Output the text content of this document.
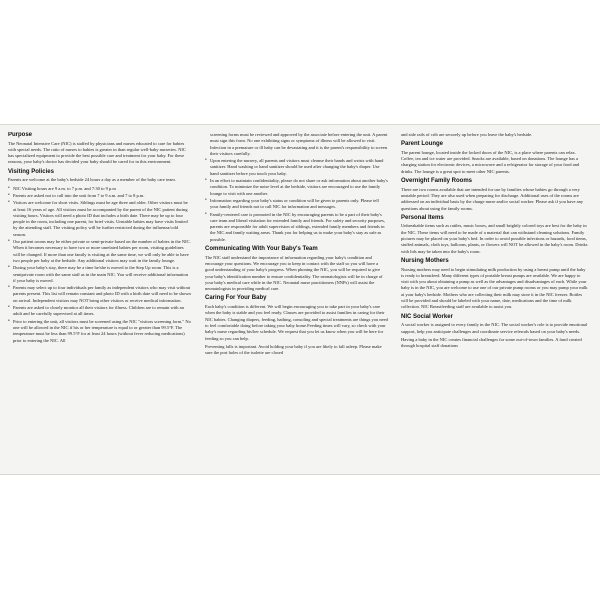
Purpose

The Neonatal Intensive Care (NIC) is staffed by physicians and nurses educated to care for babies with special needs. The ratio of nurses to babies is greater in than regular well-baby nurseries. NIC has specialized equipment to provide the best possible care and treatment for your baby. For these reasons, your baby's doctor has decided your baby should be cared for in this environment.

Visiting Policies

Parents are welcome at the baby's bedside 24 hours a day as a member of the baby care team.

• NIC Visiting hours are 9 a.m. to 7 p.m. and 7:30 to 9 p.m
• Parents are asked not to call into the unit from 7 to 9 a.m. and 7 to 8 p.m.
• Visitors are welcome for short visits. Siblings must be age three and older. Other visitors must be at least 16 years of age. All visitors must be accompanied by the parent of the NIC patient during visiting hours. Visitors will need a photo ID that includes a birth date. There may be up to four people in the room, including one parent, for brief visits. Unstable babies may have visits limited by the attending staff. The visiting policy will be further restricted during the influenza/cold season.
• Our patient rooms may be either private or semi-private based on the number of babies in the NIC. When it becomes necessary to have two or more unrelated babies per room, visiting guidelines will be changed. If more than one family is visiting at the same time, we will only be able to have two people per baby at the bedside. Any additional visitors may wait in the family lounge.
• During your baby's stay, there may be a time he/she is moved to the Step Up room. This is a semiprivate room with the same staff as in the main NIC. You will receive additional information if your baby is moved.
• Parents may select up to four individuals per family as independent visitors who may visit without parents present. This list will remain constant and photo ID with a birth date will need to be shown on arrival. Independent visitors may NOT bring other visitors or receive medical information.
• Parents are asked to closely monitor all their visitors for illness. Children are to remain with an adult and be carefully supervised at all times.
• Prior to entering the unit, all visitors must be screened using the NIC "visitors screening form." No one will be allowed in the NIC if his or her temperature is equal to or greater than 99.5°F. The temperature must be less than 99.5°F for at least 24 hours (without fever reducing medications) prior to entering the NIC. All
screening forms must be reviewed and approved by the associate before entering the unit. A parent must sign this form. No one exhibiting signs or symptoms of illness will be allowed to visit. Infection in a premature or ill baby can be devastating and it is the parent's responsibility to screen their visitors carefully.
• Upon entering the nursery, all parents and visitors must cleanse their hands and wrists with hand sanitizer. Hand washing or hand sanitizer should be used after changing the baby's diaper. Use hand sanitizer before you touch your baby.
• In an effort to maintain confidentiality, please do not share or ask information about another baby's condition. To minimize the noise level at the bedside, visitors are encouraged to use the family lounge to visit with one another.
• Information regarding your baby's status or condition will be given to parents only. Please tell your family and friends not to call NIC for information and messages.
• Family-centered care is promoted in the NIC by encouraging parents to be a part of their baby's care team and liberal visitation for extended family and friends. For safety and security purposes, parents are responsible for adult supervision of siblings, extended family members and friends in the NIC and family waiting areas. Thank you for helping us to make your baby's stay as safe as possible.
Communicating With Your Baby's Team

The NIC staff understand the importance of information regarding your baby's condition and encourage your questions. We encourage you to keep in contact with the staff so you will have a good understanding of your baby's progress. When phoning the NIC, you will be required to give your baby's identification number to ensure confidentiality. The neonatologists will be in charge of your baby's medical care while in the NIC. Neonatal nurse practitioners (NNPs) will assist the neonatologists in providing medical care.

Caring For Your Baby

Each baby's condition is different. We will begin encouraging you to take part in your baby's care when the baby is stable and you feel ready. Classes are provided to assist families in caring for their NIC babies. Changing diapers, feeding, bathing, consoling and special treatments are things you need to feel comfortable doing before taking your baby home.Feeding times will vary, so check with your baby's nurse regarding his/her schedule. We request that you let us know when you will be here for feeding so you can help.

Preventing falls is important. Avoid holding your baby if you are likely to fall asleep. Please make sure the port holes of the isolette are closed

and side rails of crib are securely up before you leave the baby's bedside.

Parent Lounge

The parent lounge, located inside the locked doors of the NIC, is a place where parents can relax. Coffee, tea and ice water are provided. Snacks are available, based on donations. The lounge has a charging station for electronic devices, a microwave and a refrigerator for storage of your food and drinks. The lounge is a great spot to meet other NIC parents.

Overnight Family Rooms

There are two rooms available that are intended for use by families whose babies go through a very unstable period. They are also used when preparing for discharge. Additional uses of the rooms are addressed on an individual basis by the charge nurse and/or social worker. Please ask if you have any questions about using the family rooms.

Personal Items

Unbreakable items such as rattles, music boxes, and small brightly colored toys are best for the baby in the NIC. These items will need to be made of a material that can withstand cleaning solutions. Family pictures may be placed on your baby's bed. In order to avoid possible infections or hazards, food items, stuffed animals, cloth toys, balloons, plants, or flowers will NOT be allowed in the baby's room. Drinks with lids may be taken into the baby's room.

Nursing Mothers

Nursing mothers may need to begin stimulating milk production by using a breast pump until the baby is ready to breastfeed. Many different types of portable breast pumps are available. We are happy to visit with you about obtaining a pump as well as the advantages and disadvantages of each. While your baby is in the NIC, you are welcome to use one of our private pump rooms or you may pump your milk at your baby's bedside. Mothers who are collecting their milk may store it in the NIC freezer. Bottles will be provided and should be labeled with your name, date, medications and the time of milk collection. NIC Breastfeeding staff are available to assist you.

NIC Social Worker

A social worker is assigned to every family in the NIC. The social worker's role is to provide emotional support, help you anticipate challenges and coordinate service referrals based on your baby's needs.

Having a baby in the NIC creates financial challenges for some out-of-town families. A fund created through hospital staff donations
